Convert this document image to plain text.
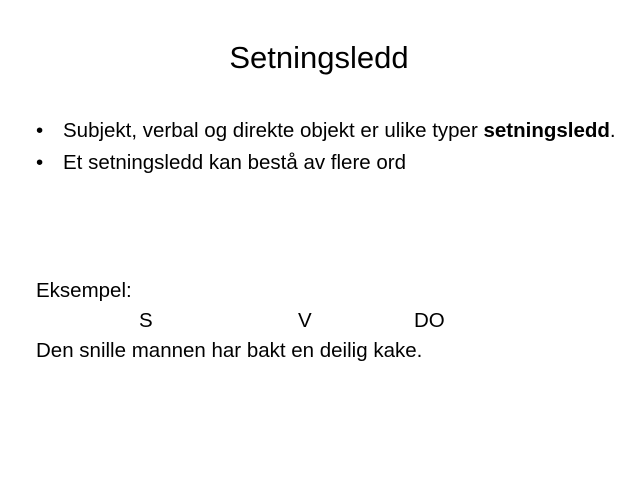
Setningsledd
• Subjekt, verbal og direkte objekt er ulike typer setningsledd.
• Et setningsledd kan bestå av flere ord
Eksempel:
S	V	DO
Den snille mannen har bakt en deilig kake.
